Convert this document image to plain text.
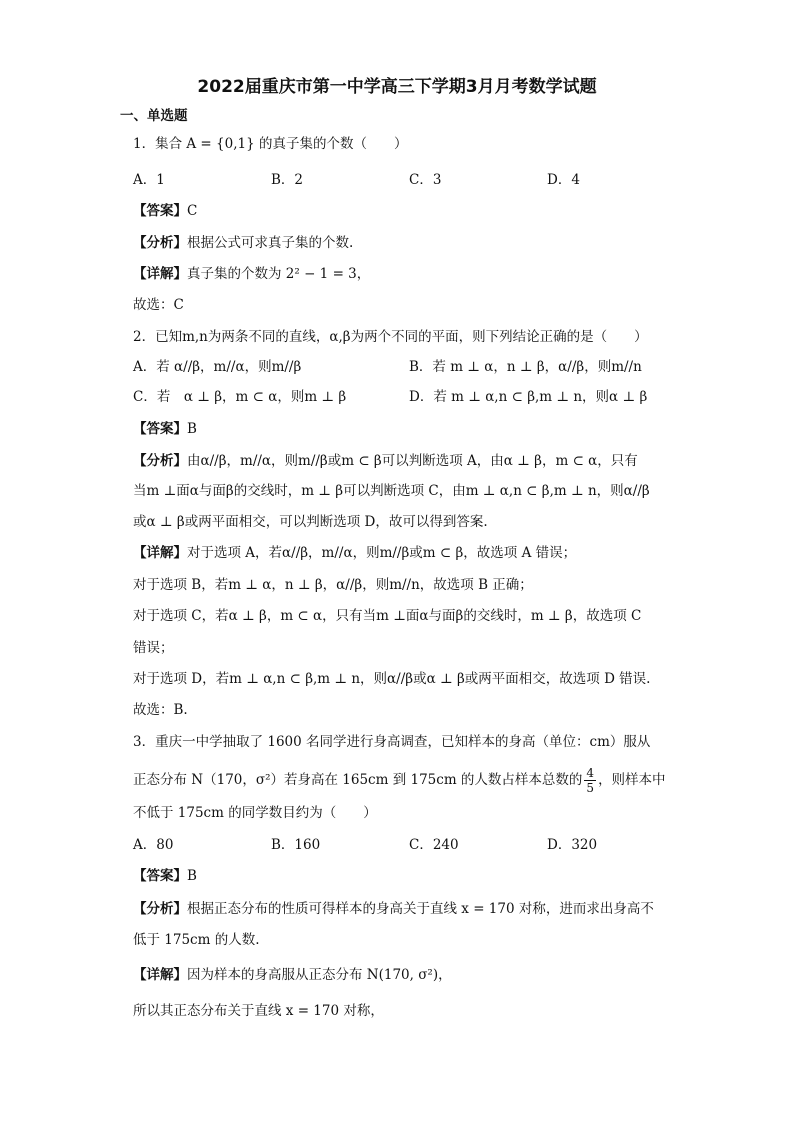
2022届重庆市第一中学高三下学期3月月考数学试题
一、单选题
1．集合 A = {0,1} 的真子集的个数（　　）
A．1	B．2	C．3	D．4
【答案】C
【分析】根据公式可求真子集的个数.
【详解】真子集的个数为 2² − 1 = 3，
故选：C
2．已知m,n为两条不同的直线，α,β为两个不同的平面，则下列结论正确的是（　　）
A．若 α//β，m//α，则m//β	B．若 m ⊥ α，n ⊥ β，α//β，则m//n
C．若　α ⊥ β，m ⊂ α，则m ⊥ β	D．若 m ⊥ α,n ⊂ β,m ⊥ n，则α ⊥ β
【答案】B
【分析】由α//β，m//α，则m//β或m ⊂ β可以判断选项 A，由α ⊥ β，m ⊂ α，只有
当m ⊥面α与面β的交线时，m ⊥ β可以判断选项 C，由m ⊥ α,n ⊂ β,m ⊥ n，则α//β
或α ⊥ β或两平面相交，可以判断选项 D，故可以得到答案.
【详解】对于选项 A，若α//β，m//α，则m//β或m ⊂ β，故选项 A 错误；
对于选项 B，若m ⊥ α，n ⊥ β，α//β，则m//n，故选项 B 正确；
对于选项 C，若α ⊥ β，m ⊂ α，只有当m ⊥面α与面β的交线时，m ⊥ β，故选项 C
错误；
对于选项 D，若m ⊥ α,n ⊂ β,m ⊥ n，则α//β或α ⊥ β或两平面相交，故选项 D 错误.
故选：B.
3．重庆一中学抽取了 1600 名同学进行身高调查，已知样本的身高（单位：cm）服从
正态分布 N（170，σ²）若身高在 165cm 到 175cm 的人数占样本总数的 $\frac{4}{5}$ ，则样本中
不低于 175cm 的同学数目约为（　　）
A．80	B．160	C．240	D．320
【答案】B
【分析】根据正态分布的性质可得样本的身高关于直线 x = 170 对称，进而求出身高不
低于 175cm 的人数.
【详解】因为样本的身高服从正态分布 N(170, σ²)，
所以其正态分布关于直线 x = 170 对称，
